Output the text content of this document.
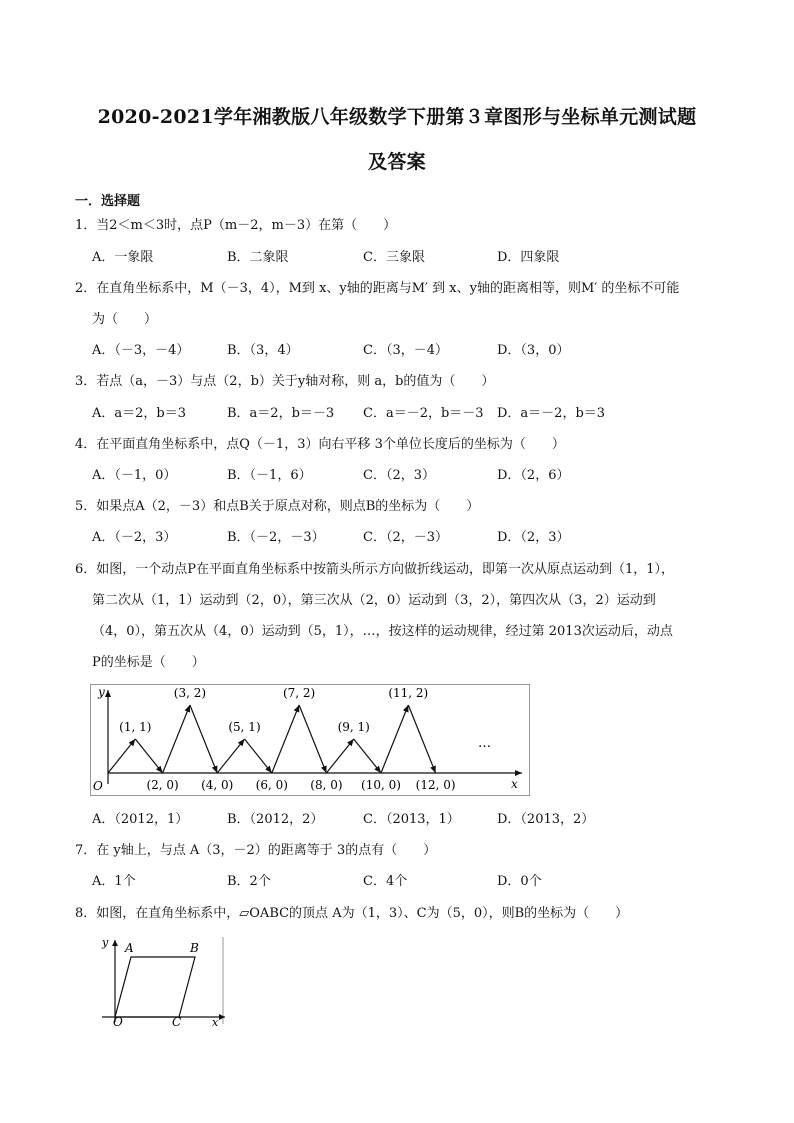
2020-2021学年湘教版八年级数学下册第３章图形与坐标单元测试题
及答案
一．选择题
1．当2＜m＜3时，点P（m－2，m－3）在第（　　）
A．一象限	B．二象限	C．三象限	D．四象限
2．在直角坐标系中，M（－3，4），M到 x、y轴的距离与M′ 到 x、y轴的距离相等，则M′ 的坐标不可能
为（　　）
A．（－3，－4）	B．（3，4）	C．（3，－4）	D．（3，0）
3．若点（a，－3）与点（2，b）关于y轴对称，则 a，b的值为（　　）
A．a＝2，b＝3	B．a＝2，b＝－3 C．a＝－2，b＝－3 D．a＝－2，b＝3
4．在平面直角坐标系中，点Q（－1，3）向右平移 3个单位长度后的坐标为（　　）
A．（－1，0）	B．（－1，6）	C．（2，3）	D．（2，6）
5．如果点A（2，－3）和点B关于原点对称，则点B的坐标为（　　）
A．（－2，3）	B．（－2，－3）	C．（2，－3）	D．（2，3）
6．如图，一个动点P在平面直角坐标系中按箭头所示方向做折线运动，即第一次从原点运动到（1，1），
第二次从（1，1）运动到（2，0），第三次从（2，0）运动到（3，2），第四次从（3，2）运动到
（4，0），第五次从（4，0）运动到（5，1），…，按这样的运动规律，经过第 2013次运动后，动点
P的坐标是（　　）
y
x
O
(1, 1)
(3, 2)
(5, 1)
(7, 2)
(9, 1)
(11, 2)
(2, 0) (4, 0) (6, 0) (8, 0) (10, 0) (12, 0)
…
A．（2012，1）	B．（2012，2）	C．（2013，1）	D．（2013，2）
7．在 y轴上，与点 A（3，－2）的距离等于 3的点有（　　）
A．1个	B．2个	C．4个	D．0个
8．如图，在直角坐标系中，▱OABC的顶点 A为（1，3）、C为（5，0），则B的坐标为（　　）
y
x
O
A	B
C
